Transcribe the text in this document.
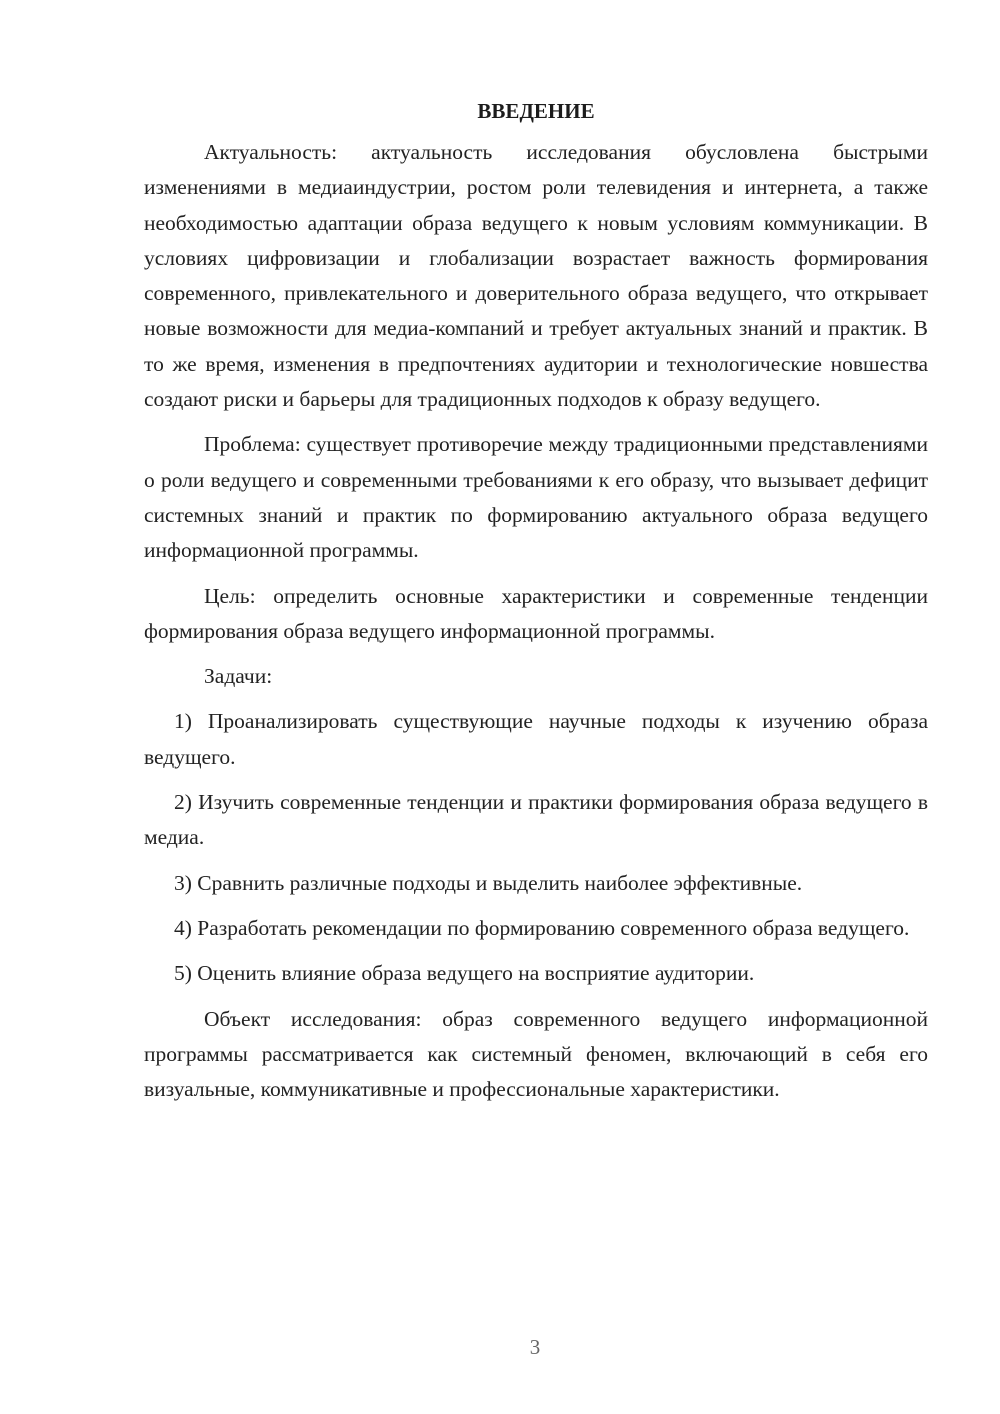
ВВЕДЕНИЕ

Актуальность: актуальность исследования обусловлена быстрыми изменениями в медиаиндустрии, ростом роли телевидения и интернета, а также необходимостью адаптации образа ведущего к новым условиям коммуникации. В условиях цифровизации и глобализации возрастает важность формирования современного, привлекательного и доверительного образа ведущего, что открывает новые возможности для медиа-компаний и требует актуальных знаний и практик. В то же время, изменения в предпочтениях аудитории и технологические новшества создают риски и барьеры для традиционных подходов к образу ведущего.

Проблема: существует противоречие между традиционными представлениями о роли ведущего и современными требованиями к его образу, что вызывает дефицит системных знаний и практик по формированию актуального образа ведущего информационной программы.

Цель: определить основные характеристики и современные тенденции формирования образа ведущего информационной программы.

Задачи:

1) Проанализировать существующие научные подходы к изучению образа ведущего.

2) Изучить современные тенденции и практики формирования образа ведущего в медиа.

3) Сравнить различные подходы и выделить наиболее эффективные.

4) Разработать рекомендации по формированию современного образа ведущего.

5) Оценить влияние образа ведущего на восприятие аудитории.

Объект исследования: образ современного ведущего информационной программы рассматривается как системный феномен, включающий в себя его визуальные, коммуникативные и профессиональные характеристики.

3
